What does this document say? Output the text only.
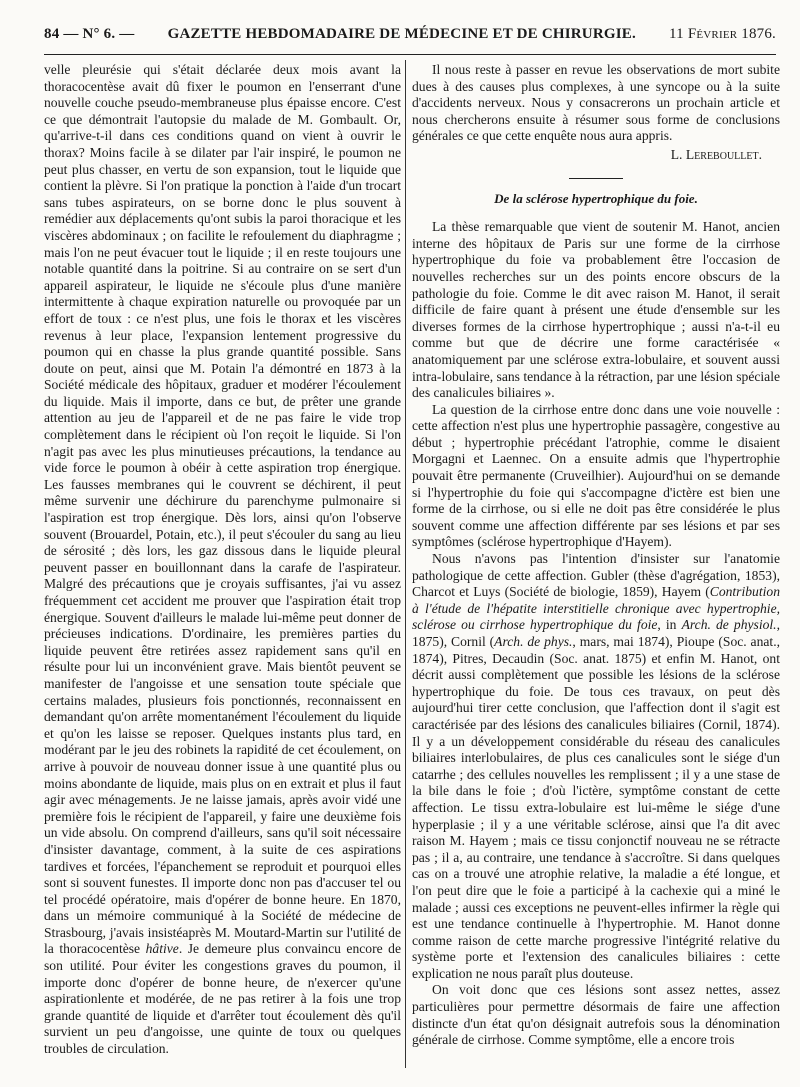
84 — N° 6. — GAZETTE HEBDOMADAIRE DE MÉDECINE ET DE CHIRURGIE. 11 Février 1876.

velle pleurésie qui s'était déclarée deux mois avant la thoracocentèse avait dû fixer le poumon en l'enserrant d'une nouvelle couche pseudo-membraneuse plus épaisse encore. C'est ce que démontrait l'autopsie du malade de M. Gombault. Or, qu'arrive-t-il dans ces conditions quand on vient à ouvrir le thorax? Moins facile à se dilater par l'air inspiré, le poumon ne peut plus chasser, en vertu de son expansion, tout le liquide que contient la plèvre. Si l'on pratique la ponction à l'aide d'un trocart sans tubes aspirateurs, on se borne donc le plus souvent à remédier aux déplacements qu'ont subis la paroi thoracique et les viscères abdominaux ; on facilite le refoulement du diaphragme ; mais l'on ne peut évacuer tout le liquide ; il en reste toujours une notable quantité dans la poitrine. Si au contraire on se sert d'un appareil aspirateur, le liquide ne s'écoule plus d'une manière intermittente à chaque expiration naturelle ou provoquée par un effort de toux : ce n'est plus, une fois le thorax et les viscères revenus à leur place, l'expansion lentement progressive du poumon qui en chasse la plus grande quantité possible. Sans doute on peut, ainsi que M. Potain l'a démontré en 1873 à la Société médicale des hôpitaux, graduer et modérer l'écoulement du liquide. Mais il importe, dans ce but, de prêter une grande attention au jeu de l'appareil et de ne pas faire le vide trop complètement dans le récipient où l'on reçoit le liquide. Si l'on n'agit pas avec les plus minutieuses précautions, la tendance au vide force le poumon à obéir à cette aspiration trop énergique. Les fausses membranes qui le couvrent se déchirent, il peut même survenir une déchirure du parenchyme pulmonaire si l'aspiration est trop énergique. Dès lors, ainsi qu'on l'observe souvent (Brouardel, Potain, etc.), il peut s'écouler du sang au lieu de sérosité ; dès lors, les gaz dissous dans le liquide pleural peuvent passer en bouillonnant dans la carafe de l'aspirateur. Malgré des précautions que je croyais suffisantes, j'ai vu assez fréquemment cet accident me prouver que l'aspiration était trop énergique. Souvent d'ailleurs le malade lui-même peut donner de précieuses indications. D'ordinaire, les premières parties du liquide peuvent être retirées assez rapidement sans qu'il en résulte pour lui un inconvénient grave. Mais bientôt peuvent se manifester de l'angoisse et une sensation toute spéciale que certains malades, plusieurs fois ponctionnés, reconnaissent en demandant qu'on arrête momentanément l'écoulement du liquide et qu'on les laisse se reposer. Quelques instants plus tard, en modérant par le jeu des robinets la rapidité de cet écoulement, on arrive à pouvoir de nouveau donner issue à une quantité plus ou moins abondante de liquide, mais plus on en extrait et plus il faut agir avec ménagements. Je ne laisse jamais, après avoir vidé une première fois le récipient de l'appareil, y faire une deuxième fois un vide absolu. On comprend d'ailleurs, sans qu'il soit nécessaire d'insister davantage, comment, à la suite de ces aspirations tardives et forcées, l'épanchement se reproduit et pourquoi elles sont si souvent funestes. Il importe donc non pas d'accuser tel ou tel procédé opératoire, mais d'opérer de bonne heure. En 1870, dans un mémoire communiqué à la Société de médecine de Strasbourg, j'avais insistéaprès M. Moutard-Martin sur l'utilité de la thoracocentèse hâtive. Je demeure plus convaincu encore de son utilité. Pour éviter les congestions graves du poumon, il importe donc d'opérer de bonne heure, de n'exercer qu'une aspirationlente et modérée, de ne pas retirer à la fois une trop grande quantité de liquide et d'arrêter tout écoulement dès qu'il survient un peu d'angoisse, une quinte de toux ou quelques troubles de circulation.

Il nous reste à passer en revue les observations de mort subite dues à des causes plus complexes, à une syncope ou à la suite d'accidents nerveux. Nous y consacrerons un prochain article et nous chercherons ensuite à résumer sous forme de conclusions générales ce que cette enquête nous aura appris.

L. Lereboullet.
De la sclérose hypertrophique du foie.

La thèse remarquable que vient de soutenir M. Hanot, ancien interne des hôpitaux de Paris sur une forme de la cirrhose hypertrophique du foie va probablement être l'occasion de nouvelles recherches sur un des points encore obscurs de la pathologie du foie. Comme le dit avec raison M. Hanot, il serait difficile de faire quant à présent une étude d'ensemble sur les diverses formes de la cirrhose hypertrophique ; aussi n'a-t-il eu comme but que de décrire une forme caractérisée « anatomiquement par une sclérose extra-lobulaire, et souvent aussi intra-lobulaire, sans tendance à la rétraction, par une lésion spéciale des canalicules biliaires ».

La question de la cirrhose entre donc dans une voie nouvelle : cette affection n'est plus une hypertrophie passagère, congestive au début ; hypertrophie précédant l'atrophie, comme le disaient Morgagni et Laennec. On a ensuite admis que l'hypertrophie pouvait être permanente (Cruveilhier). Aujourd'hui on se demande si l'hypertrophie du foie qui s'accompagne d'ictère est bien une forme de la cirrhose, ou si elle ne doit pas être considérée le plus souvent comme une affection différente par ses lésions et par ses symptômes (sclérose hypertrophique d'Hayem).

Nous n'avons pas l'intention d'insister sur l'anatomie pathologique de cette affection. Gubler (thèse d'agrégation, 1853), Charcot et Luys (Société de biologie, 1859), Hayem (Contribution à l'étude de l'hépatite interstitielle chronique avec hypertrophie, sclérose ou cirrhose hypertrophique du foie, in Arch. de physiol., 1875), Cornil (Arch. de phys., mars, mai 1874), Pioupe (Soc. anat., 1874), Pitres, Decaudin (Soc. anat. 1875) et enfin M. Hanot, ont décrit aussi complètement que possible les lésions de la sclérose hypertrophique du foie. De tous ces travaux, on peut dès aujourd'hui tirer cette conclusion, que l'affection dont il s'agit est caractérisée par des lésions des canalicules biliaires (Cornil, 1874). Il y a un développement considérable du réseau des canalicules biliaires interlobulaires, de plus ces canalicules sont le siége d'un catarrhe ; des cellules nouvelles les remplissent ; il y a une stase de la bile dans le foie ; d'où l'ictère, symptôme constant de cette affection. Le tissu extra-lobulaire est lui-même le siége d'une hyperplasie ; il y a une véritable sclérose, ainsi que l'a dit avec raison M. Hayem ; mais ce tissu conjonctif nouveau ne se rétracte pas ; il a, au contraire, une tendance à s'accroître. Si dans quelques cas on a trouvé une atrophie relative, la maladie a été longue, et l'on peut dire que le foie a participé à la cachexie qui a miné le malade ; aussi ces exceptions ne peuvent-elles infirmer la règle qui est une tendance continuelle à l'hypertrophie. M. Hanot donne comme raison de cette marche progressive l'intégrité relative du système porte et l'extension des canalicules biliaires : cette explication ne nous paraît plus douteuse.

On voit donc que ces lésions sont assez nettes, assez particulières pour permettre désormais de faire une affection distincte d'un état qu'on désignait autrefois sous la dénomination générale de cirrhose. Comme symptôme, elle a encore trois
